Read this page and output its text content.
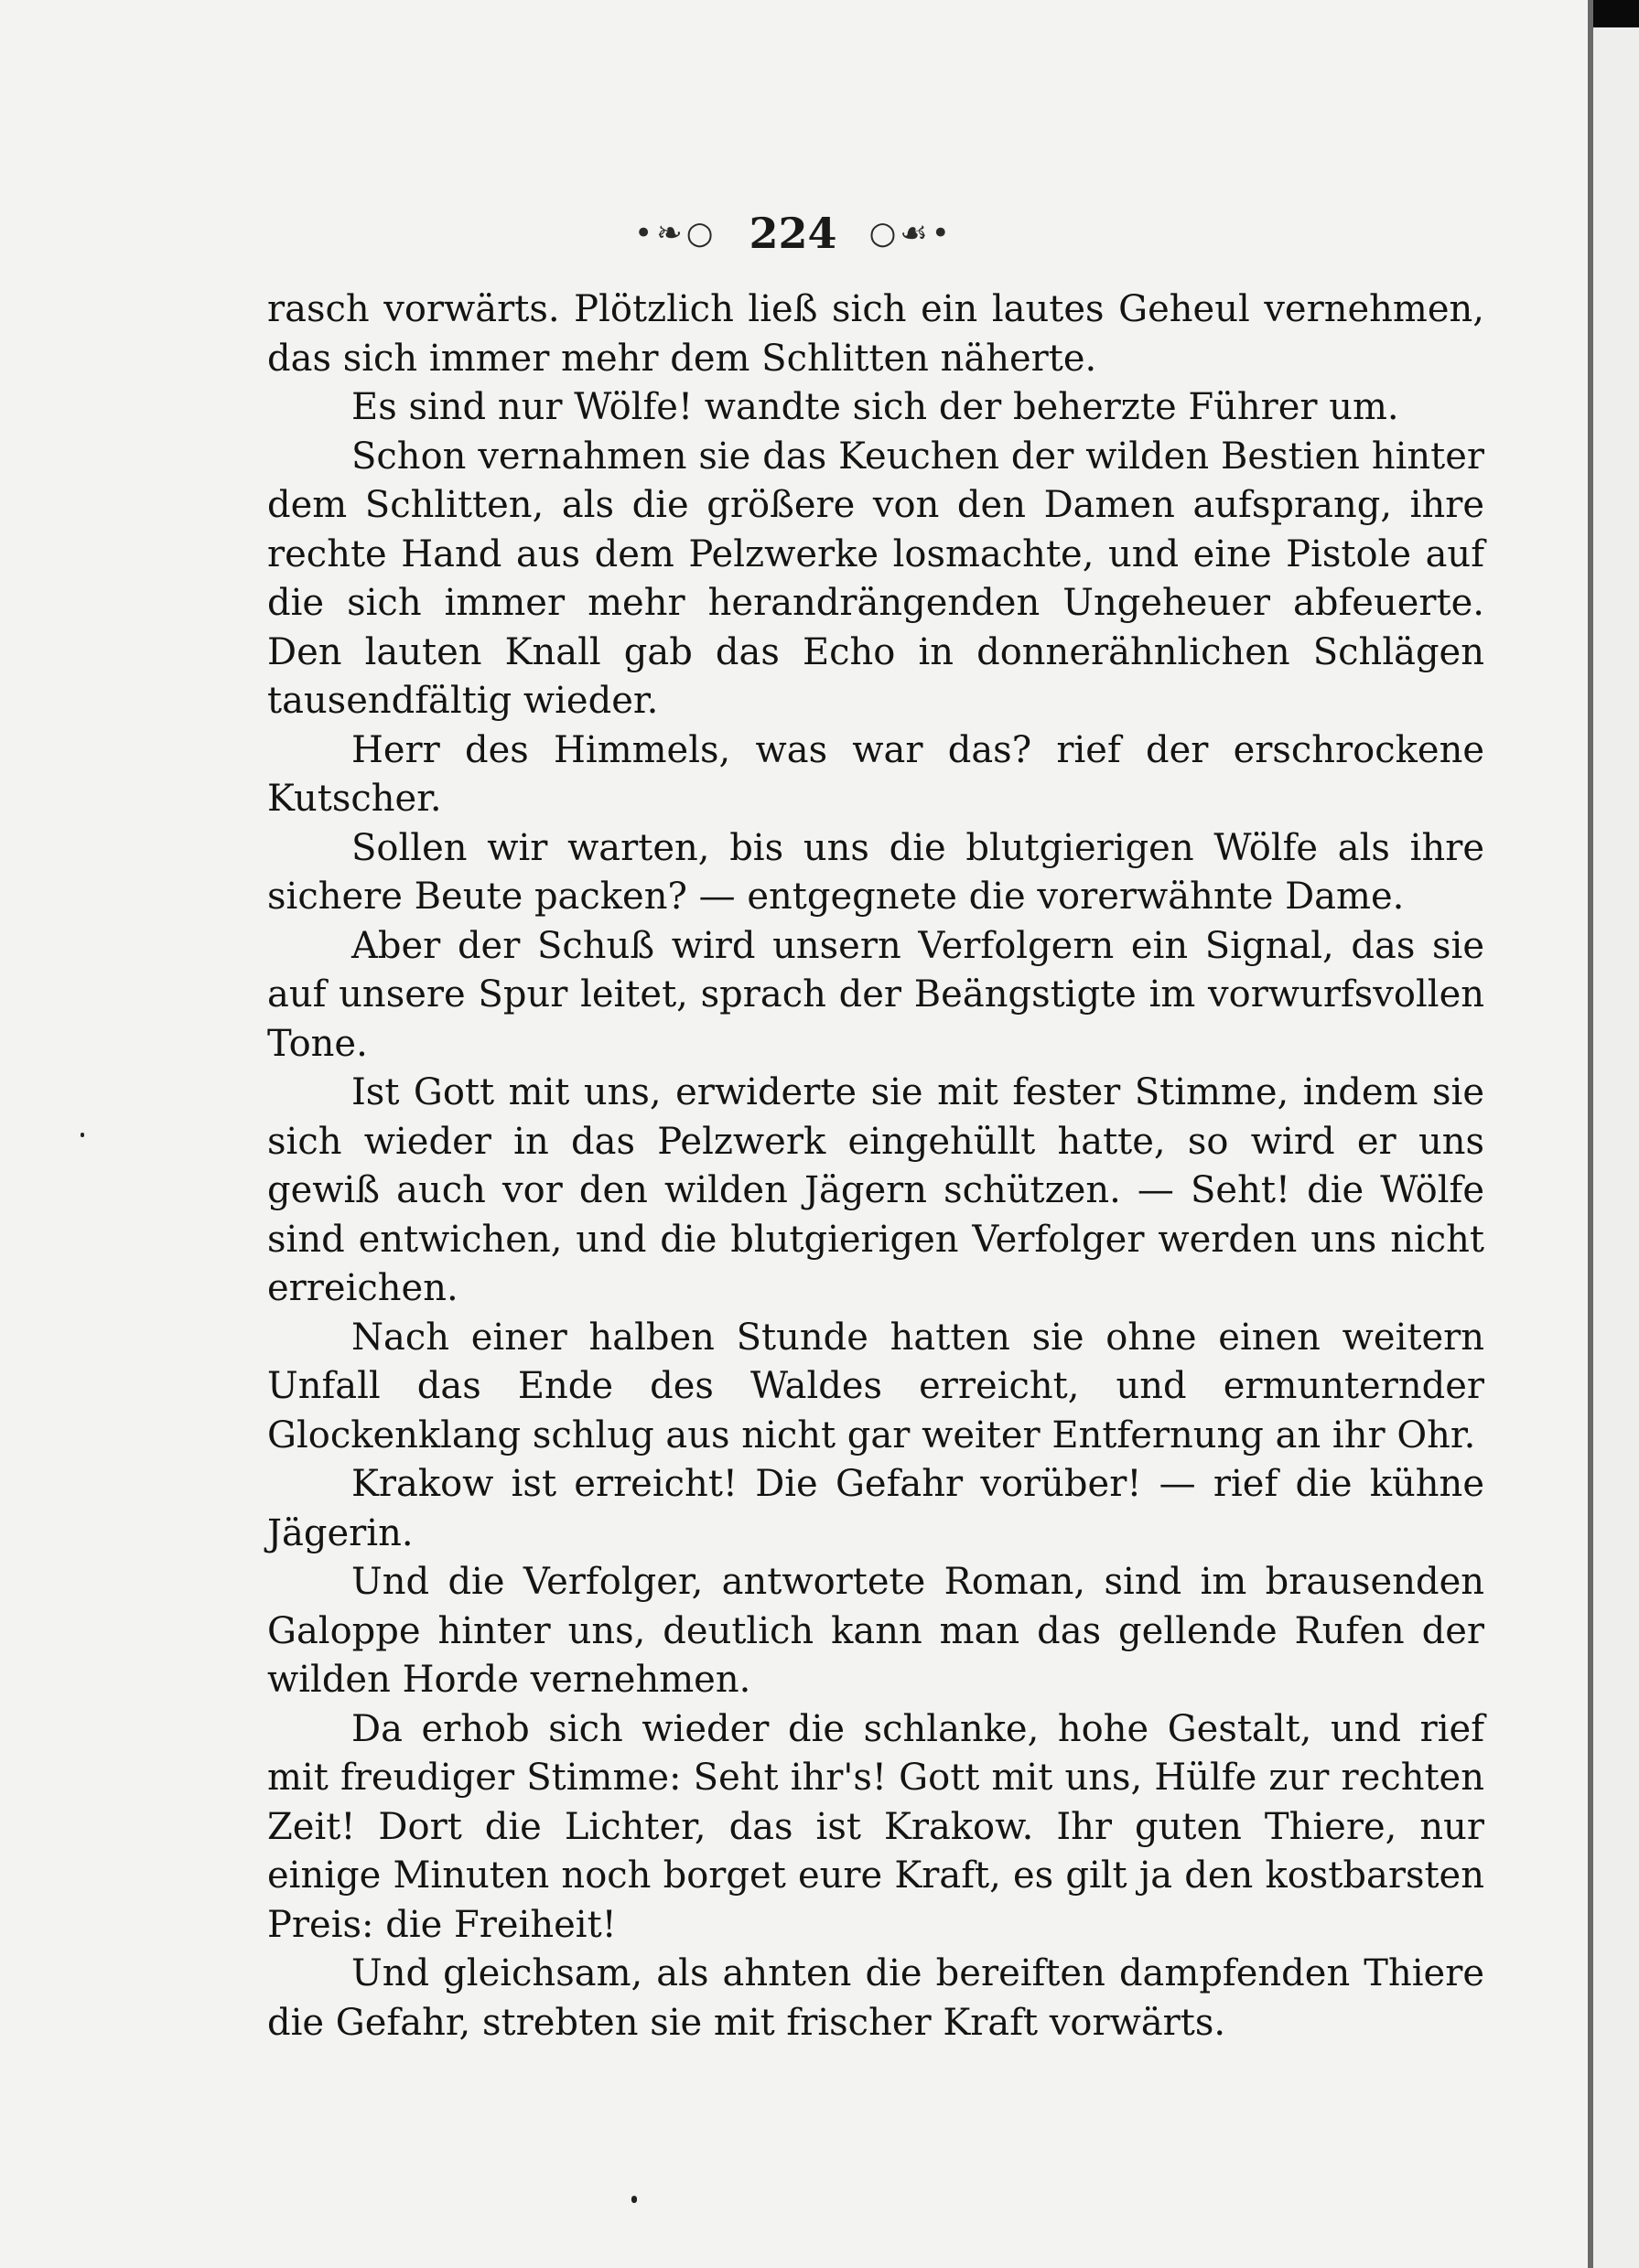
•❧○ 224 ○☙•

rasch vorwärts. Plötzlich ließ sich ein lautes Geheul vernehmen, das sich immer mehr dem Schlitten näherte.

Es sind nur Wölfe! wandte sich der beherzte Führer um.

Schon vernahmen sie das Keuchen der wilden Bestien hinter dem Schlitten, als die größere von den Damen aufsprang, ihre rechte Hand aus dem Pelzwerke losmachte, und eine Pistole auf die sich immer mehr herandrängenden Ungeheuer abfeuerte. Den lauten Knall gab das Echo in donnerähnlichen Schlägen tausendfältig wieder.

Herr des Himmels, was war das? rief der erschrockene Kutscher.

Sollen wir warten, bis uns die blutgierigen Wölfe als ihre sichere Beute packen? — entgegnete die vorerwähnte Dame.

Aber der Schuß wird unsern Verfolgern ein Signal, das sie auf unsere Spur leitet, sprach der Beängstigte im vorwurfsvollen Tone.

Ist Gott mit uns, erwiderte sie mit fester Stimme, indem sie sich wieder in das Pelzwerk eingehüllt hatte, so wird er uns gewiß auch vor den wilden Jägern schützen. — Seht! die Wölfe sind entwichen, und die blutgierigen Verfolger werden uns nicht erreichen.

Nach einer halben Stunde hatten sie ohne einen weitern Unfall das Ende des Waldes erreicht, und ermunternder Glockenklang schlug aus nicht gar weiter Entfernung an ihr Ohr.

Krakow ist erreicht! Die Gefahr vorüber! — rief die kühne Jägerin.

Und die Verfolger, antwortete Roman, sind im brausenden Galoppe hinter uns, deutlich kann man das gellende Rufen der wilden Horde vernehmen.

Da erhob sich wieder die schlanke, hohe Gestalt, und rief mit freudiger Stimme: Seht ihr's! Gott mit uns, Hülfe zur rechten Zeit! Dort die Lichter, das ist Krakow. Ihr guten Thiere, nur einige Minuten noch borget eure Kraft, es gilt ja den kostbarsten Preis: die Freiheit!

Und gleichsam, als ahnten die bereiften dampfenden Thiere die Gefahr, strebten sie mit frischer Kraft vorwärts.
